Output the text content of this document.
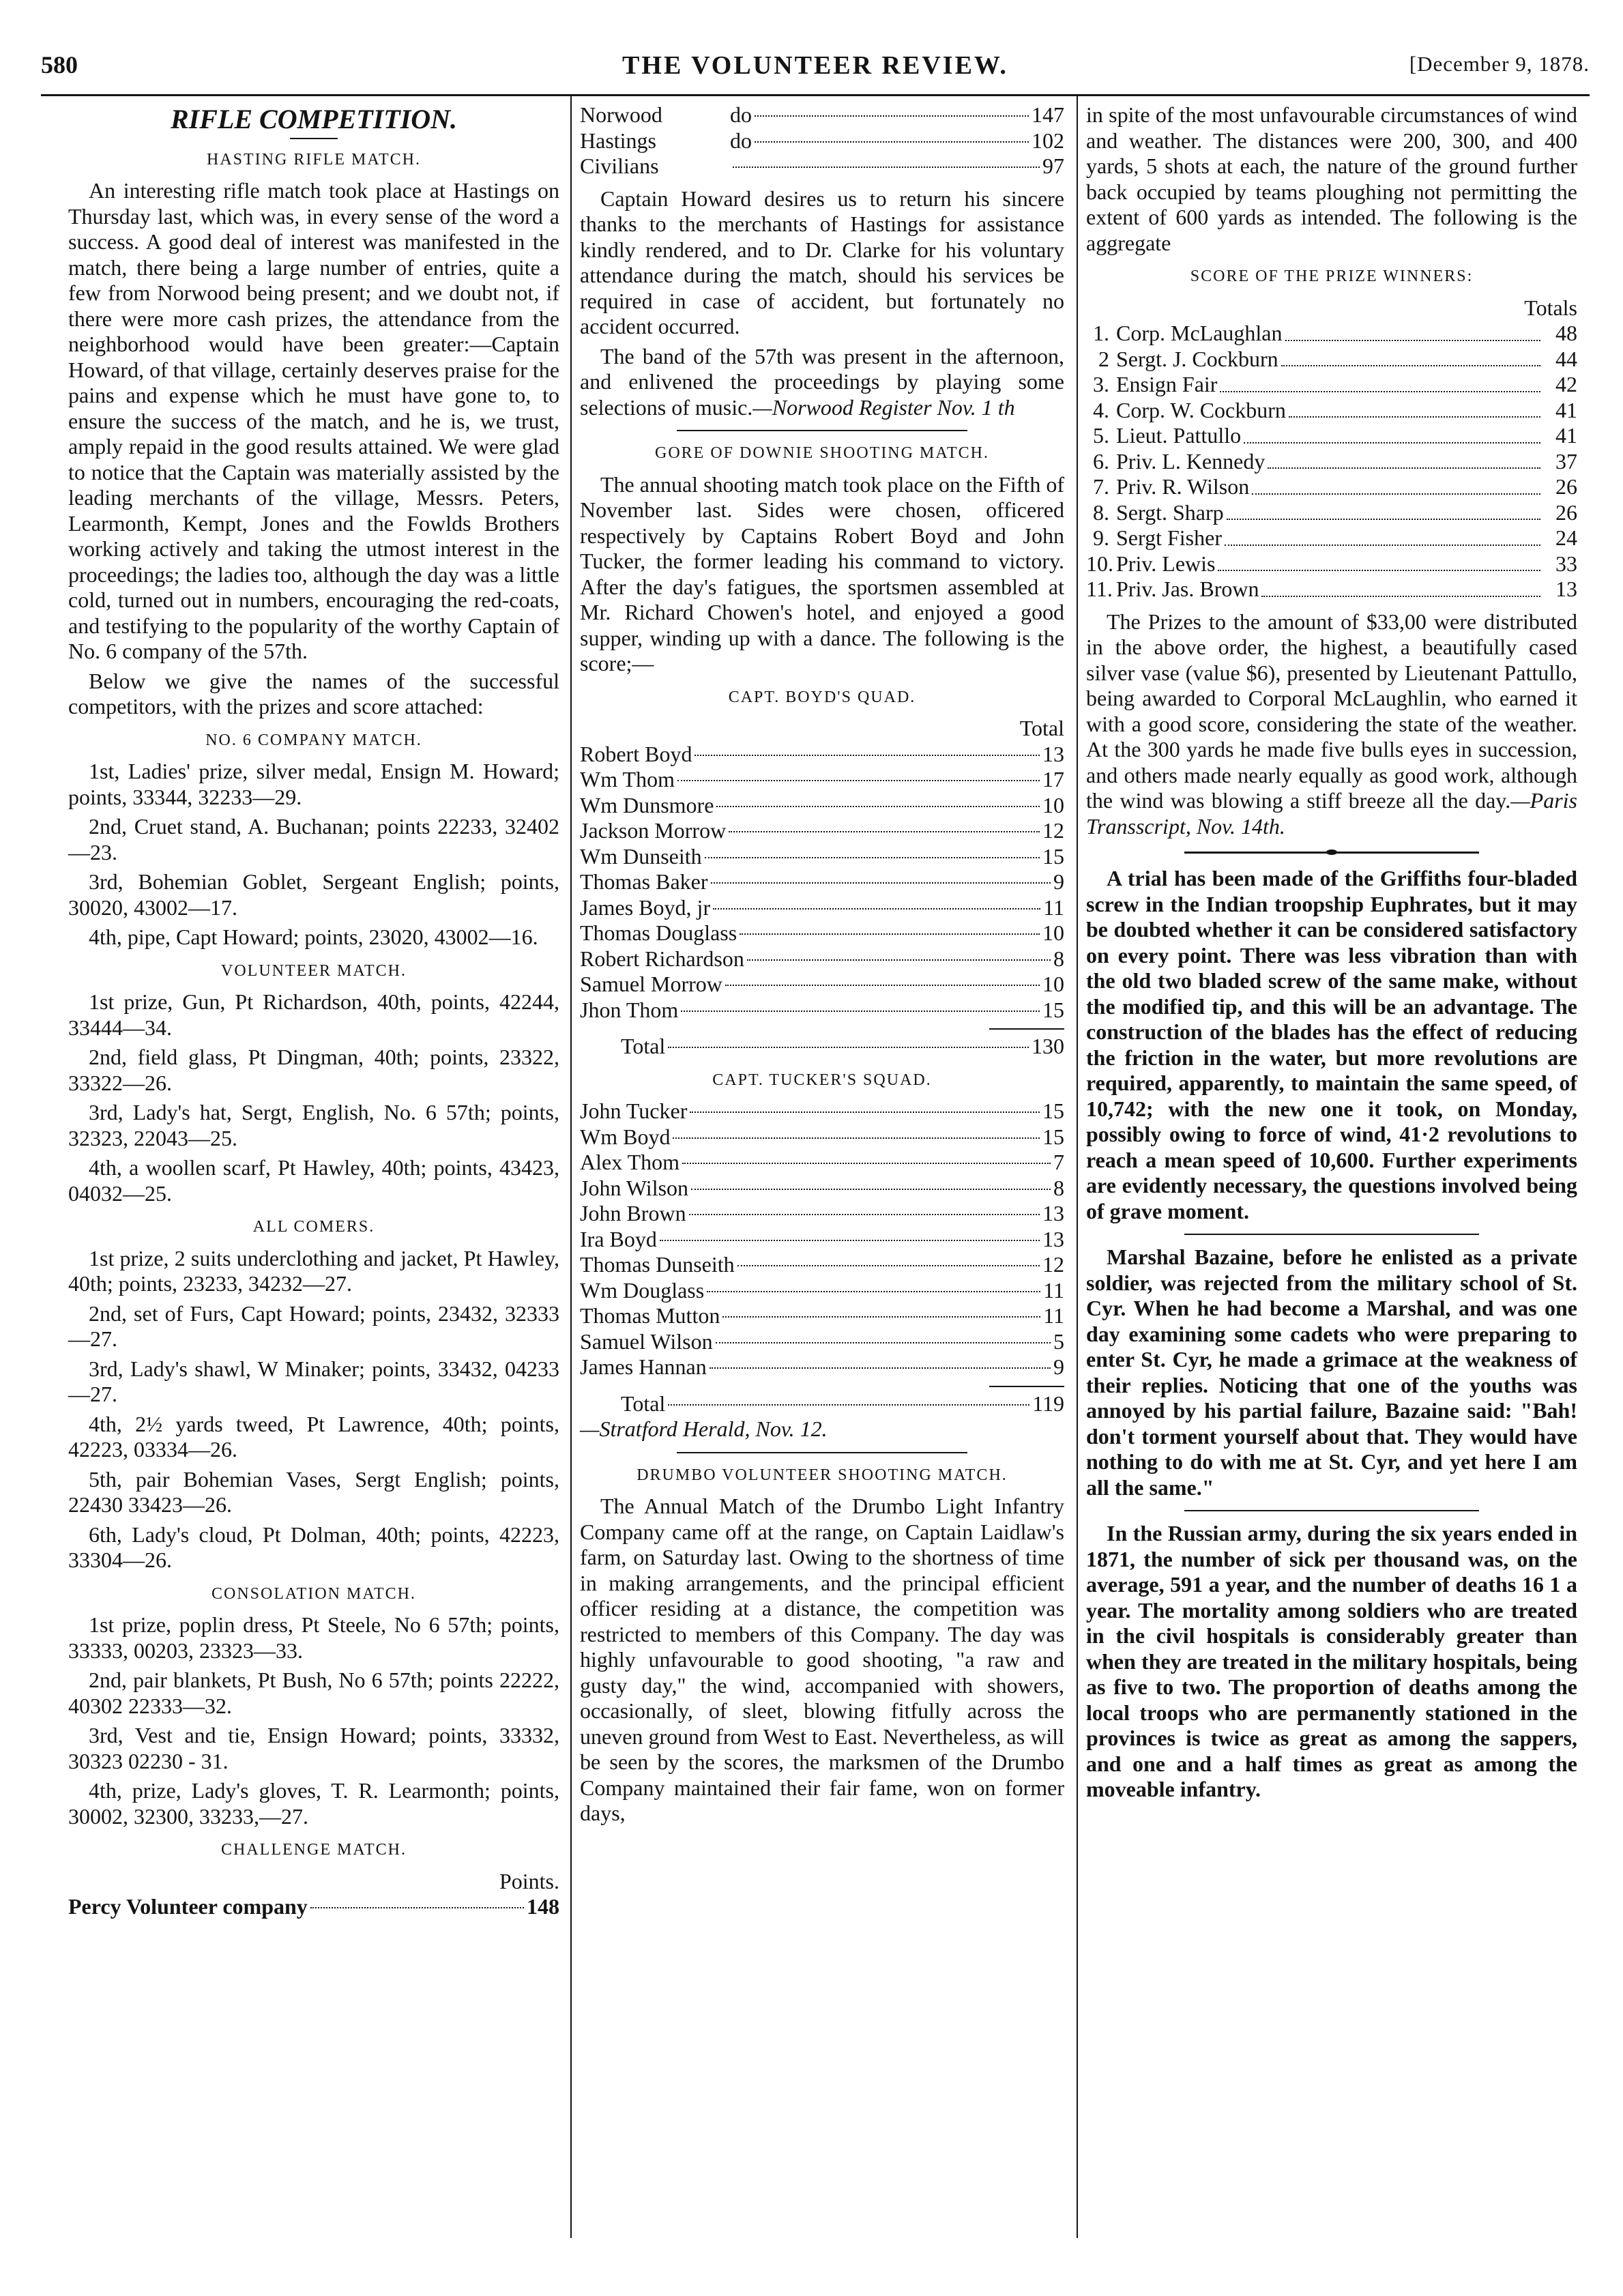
580	THE VOLUNTEER REVIEW.	[December 9, 1878.
RIFLE COMPETITION.
HASTING RIFLE MATCH.

An interesting rifle match took place at Hastings on Thursday last, which was, in every sense of the word a success. A good deal of interest was manifested in the match, there being a large number of entries, quite a few from Norwood being present; and we doubt not, if there were more cash prizes, the attendance from the neighborhood would have been greater:—Captain Howard, of that village, certainly deserves praise for the pains and expense which he must have gone to, to ensure the success of the match, and he is, we trust, amply repaid in the good results attained. We were glad to notice that the Captain was materially assisted by the leading merchants of the village, Messrs. Peters, Learmonth, Kempt, Jones and the Fowlds Brothers working actively and taking the utmost interest in the proceedings; the ladies too, although the day was a little cold, turned out in numbers, encouraging the red-coats, and testifying to the popularity of the worthy Captain of No. 6 company of the 57th.

Below we give the names of the successful competitors, with the prizes and score attached:

NO. 6 COMPANY MATCH.

1st, Ladies' prize, silver medal, Ensign M. Howard; points, 33344, 32233—29.

2nd, Cruet stand, A. Buchanan; points 22233, 32402—23.

3rd, Bohemian Goblet, Sergeant English; points, 30020, 43002—17.

4th, pipe, Capt Howard; points, 23020, 43002—16.

VOLUNTEER MATCH.

1st prize, Gun, Pt Richardson, 40th, points, 42244, 33444—34.

2nd, field glass, Pt Dingman, 40th; points, 23322, 33322—26.

3rd, Lady's hat, Sergt, English, No. 6 57th; points, 32323, 22043—25.

4th, a woollen scarf, Pt Hawley, 40th; points, 43423, 04032—25.

ALL COMERS.

1st prize, 2 suits underclothing and jacket, Pt Hawley, 40th; points, 23233, 34232—27.

2nd, set of Furs, Capt Howard; points, 23432, 32333—27.

3rd, Lady's shawl, W Minaker; points, 33432, 04233—27.

4th, 2½ yards tweed, Pt Lawrence, 40th; points, 42223, 03334—26.

5th, pair Bohemian Vases, Sergt English; points, 22430 33423—26.

6th, Lady's cloud, Pt Dolman, 40th; points, 42223, 33304—26.

CONSOLATION MATCH.

1st prize, poplin dress, Pt Steele, No 6 57th; points, 33333, 00203, 23323—33.

2nd, pair blankets, Pt Bush, No 6 57th; points 22222, 40302 22333—32.

3rd, Vest and tie, Ensign Howard; points, 33332, 30323 02230 - 31.

4th, prize, Lady's gloves, T. R. Learmonth; points, 30002, 32300, 33233,—27.

CHALLENGE MATCH.
Points.
Percy Volunteer company	148
Norwood	do	147
Hastings	do	102
Civilians	97

Captain Howard desires us to return his sincere thanks to the merchants of Hastings for assistance kindly rendered, and to Dr. Clarke for his voluntary attendance during the match, should his services be required in case of accident, but fortunately no accident occurred.

The band of the 57th was present in the afternoon, and enlivened the proceedings by playing some selections of music.—Norwood Register Nov. 1 th

GORE OF DOWNIE SHOOTING MATCH.

The annual shooting match took place on the Fifth of November last. Sides were chosen, officered respectively by Captains Robert Boyd and John Tucker, the former leading his command to victory. After the day's fatigues, the sportsmen assembled at Mr. Richard Chowen's hotel, and enjoyed a good supper, winding up with a dance. The following is the score;—

CAPT. BOYD'S QUAD.
Total
Robert Boyd	13
Wm Thom	17
Wm Dunsmore	10
Jackson Morrow	12
Wm Dunseith	15
Thomas Baker	9
James Boyd, jr	11
Thomas Douglass	10
Robert Richardson	8
Samuel Morrow	10
Jhon Thom	15
Total	130
CAPT. TUCKER'S SQUAD.
John Tucker	15
Wm Boyd	15
Alex Thom	7
John Wilson	8
John Brown	13
Ira Boyd	13
Thomas Dunseith	12
Wm Douglass	11
Thomas Mutton	11
Samuel Wilson	5
James Hannan	9
Total	119
—Stratford Herald, Nov. 12.
DRUMBO VOLUNTEER SHOOTING MATCH.

The Annual Match of the Drumbo Light Infantry Company came off at the range, on Captain Laidlaw's farm, on Saturday last. Owing to the shortness of time in making arrangements, and the principal efficient officer residing at a distance, the competition was restricted to members of this Company. The day was highly unfavourable to good shooting, "a raw and gusty day," the wind, accompanied with showers, occasionally, of sleet, blowing fitfully across the uneven ground from West to East. Nevertheless, as will be seen by the scores, the marksmen of the Drumbo Company maintained their fair fame, won on former days,

in spite of the most unfavourable circumstances of wind and weather. The distances were 200, 300, and 400 yards, 5 shots at each, the nature of the ground further back occupied by teams ploughing not permitting the extent of 600 yards as intended. The following is the aggregate

SCORE OF THE PRIZE WINNERS:
Totals
1. Corp. McLaughlan	48
2 Sergt. J. Cockburn	44
3. Ensign Fair	42
4. Corp. W. Cockburn	41
5. Lieut. Pattullo	41
6. Priv. L. Kennedy	37
7. Priv. R. Wilson	26
8. Sergt. Sharp	26
9. Sergt Fisher	24
10. Priv. Lewis	33
11. Priv. Jas. Brown	13

The Prizes to the amount of $33,00 were distributed in the above order, the highest, a beautifully cased silver vase (value $6), presented by Lieutenant Pattullo, being awarded to Corporal McLaughlin, who earned it with a good score, considering the state of the weather. At the 300 yards he made five bulls eyes in succession, and others made nearly equally as good work, although the wind was blowing a stiff breeze all the day.—Paris Transscript, Nov. 14th.

A trial has been made of the Griffiths four-bladed screw in the Indian troopship Euphrates, but it may be doubted whether it can be considered satisfactory on every point. There was less vibration than with the old two bladed screw of the same make, without the modified tip, and this will be an advantage. The construction of the blades has the effect of reducing the friction in the water, but more revolutions are required, apparently, to maintain the same speed, of 10,742; with the new one it took, on Monday, possibly owing to force of wind, 41·2 revolutions to reach a mean speed of 10,600. Further experiments are evidently necessary, the questions involved being of grave moment.

Marshal Bazaine, before he enlisted as a private soldier, was rejected from the military school of St. Cyr. When he had become a Marshal, and was one day examining some cadets who were preparing to enter St. Cyr, he made a grimace at the weakness of their replies. Noticing that one of the youths was annoyed by his partial failure, Bazaine said: "Bah! don't torment yourself about that. They would have nothing to do with me at St. Cyr, and yet here I am all the same."

In the Russian army, during the six years ended in 1871, the number of sick per thousand was, on the average, 591 a year, and the number of deaths 16 1 a year. The mortality among soldiers who are treated in the civil hospitals is considerably greater than when they are treated in the military hospitals, being as five to two. The proportion of deaths among the local troops who are permanently stationed in the provinces is twice as great as among the sappers, and one and a half times as great as among the moveable infantry.
